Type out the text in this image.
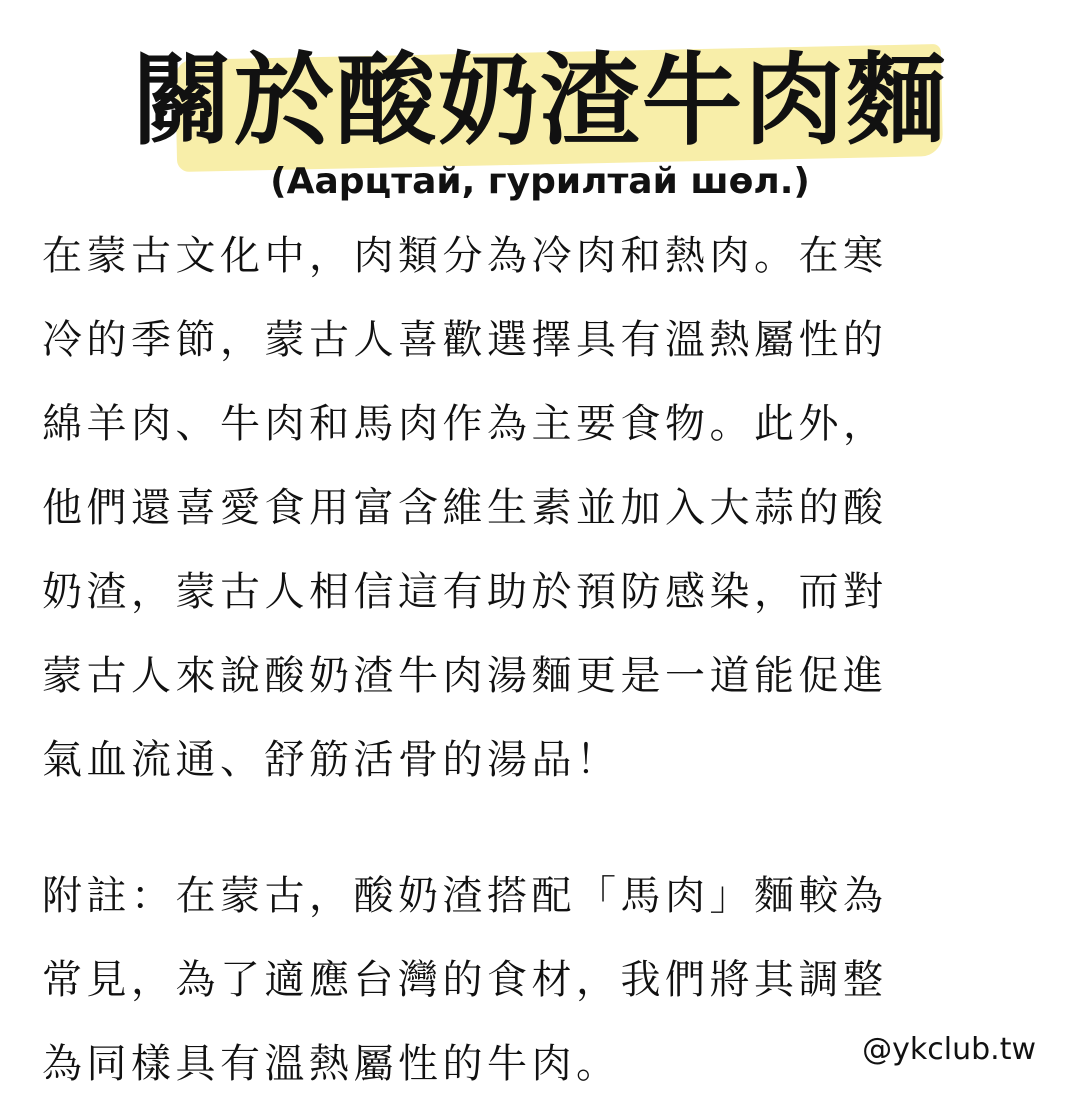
關於酸奶渣牛肉麵
(Аарцтай, гурилтай шөл.)
在蒙古文化中，肉類分為冷肉和熱肉。在寒
冷的季節，蒙古人喜歡選擇具有溫熱屬性的
綿羊肉、牛肉和馬肉作為主要食物。此外，
他們還喜愛食用富含維生素並加入大蒜的酸
奶渣，蒙古人相信這有助於預防感染，而對
蒙古人來說酸奶渣牛肉湯麵更是一道能促進
氣血流通、舒筋活骨的湯品！
附註：在蒙古，酸奶渣搭配「馬肉」麵較為
常見，為了適應台灣的食材，我們將其調整
為同樣具有溫熱屬性的牛肉。	@ykclub.tw
